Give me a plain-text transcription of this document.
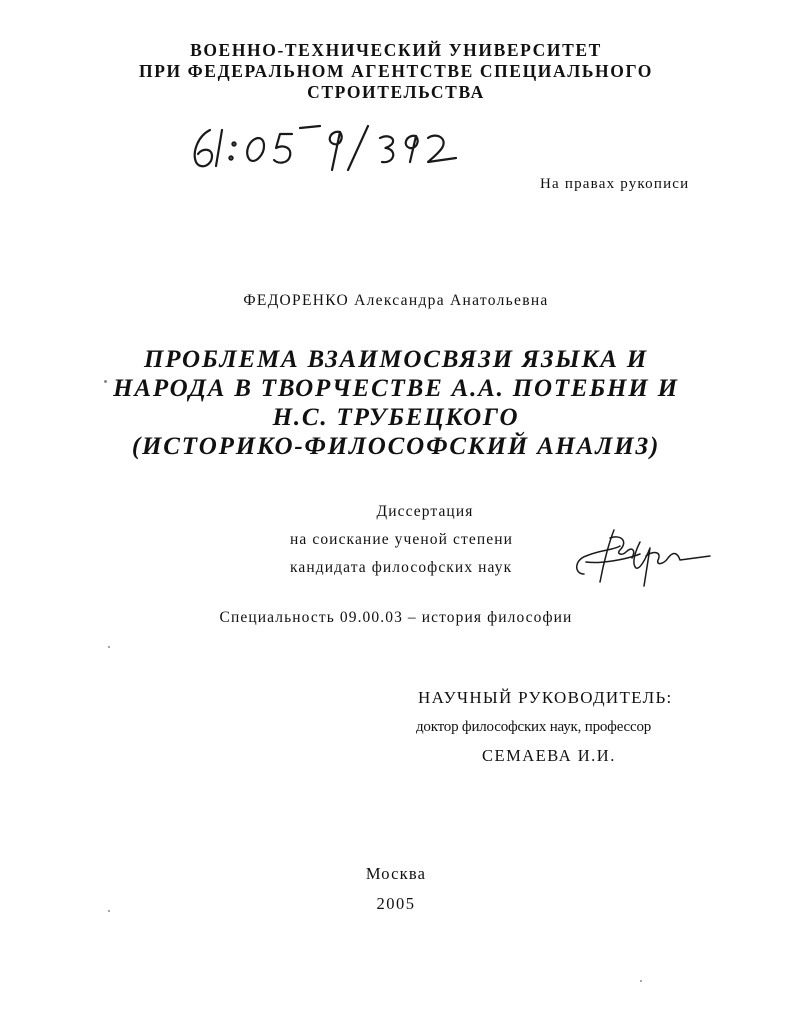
ВОЕННО-ТЕХНИЧЕСКИЙ УНИВЕРСИТЕТ
ПРИ ФЕДЕРАЛЬНОМ АГЕНТСТВЕ СПЕЦИАЛЬНОГО
СТРОИТЕЛЬСТВА
На правах рукописи
ФЕДОРЕНКО Александра Анатольевна
ПРОБЛЕМА ВЗАИМОСВЯЗИ ЯЗЫКА И
НАРОДА В ТВОРЧЕСТВЕ А.А. ПОТЕБНИ И
Н.С. ТРУБЕЦКОГО
(ИСТОРИКО-ФИЛОСОФСКИЙ АНАЛИЗ)
Диссертация
на соискание ученой степени
кандидата философских наук
Специальность 09.00.03 – история философии
НАУЧНЫЙ РУКОВОДИТЕЛЬ:
доктор философских наук, профессор
СЕМАЕВА И.И.
Москва
2005
